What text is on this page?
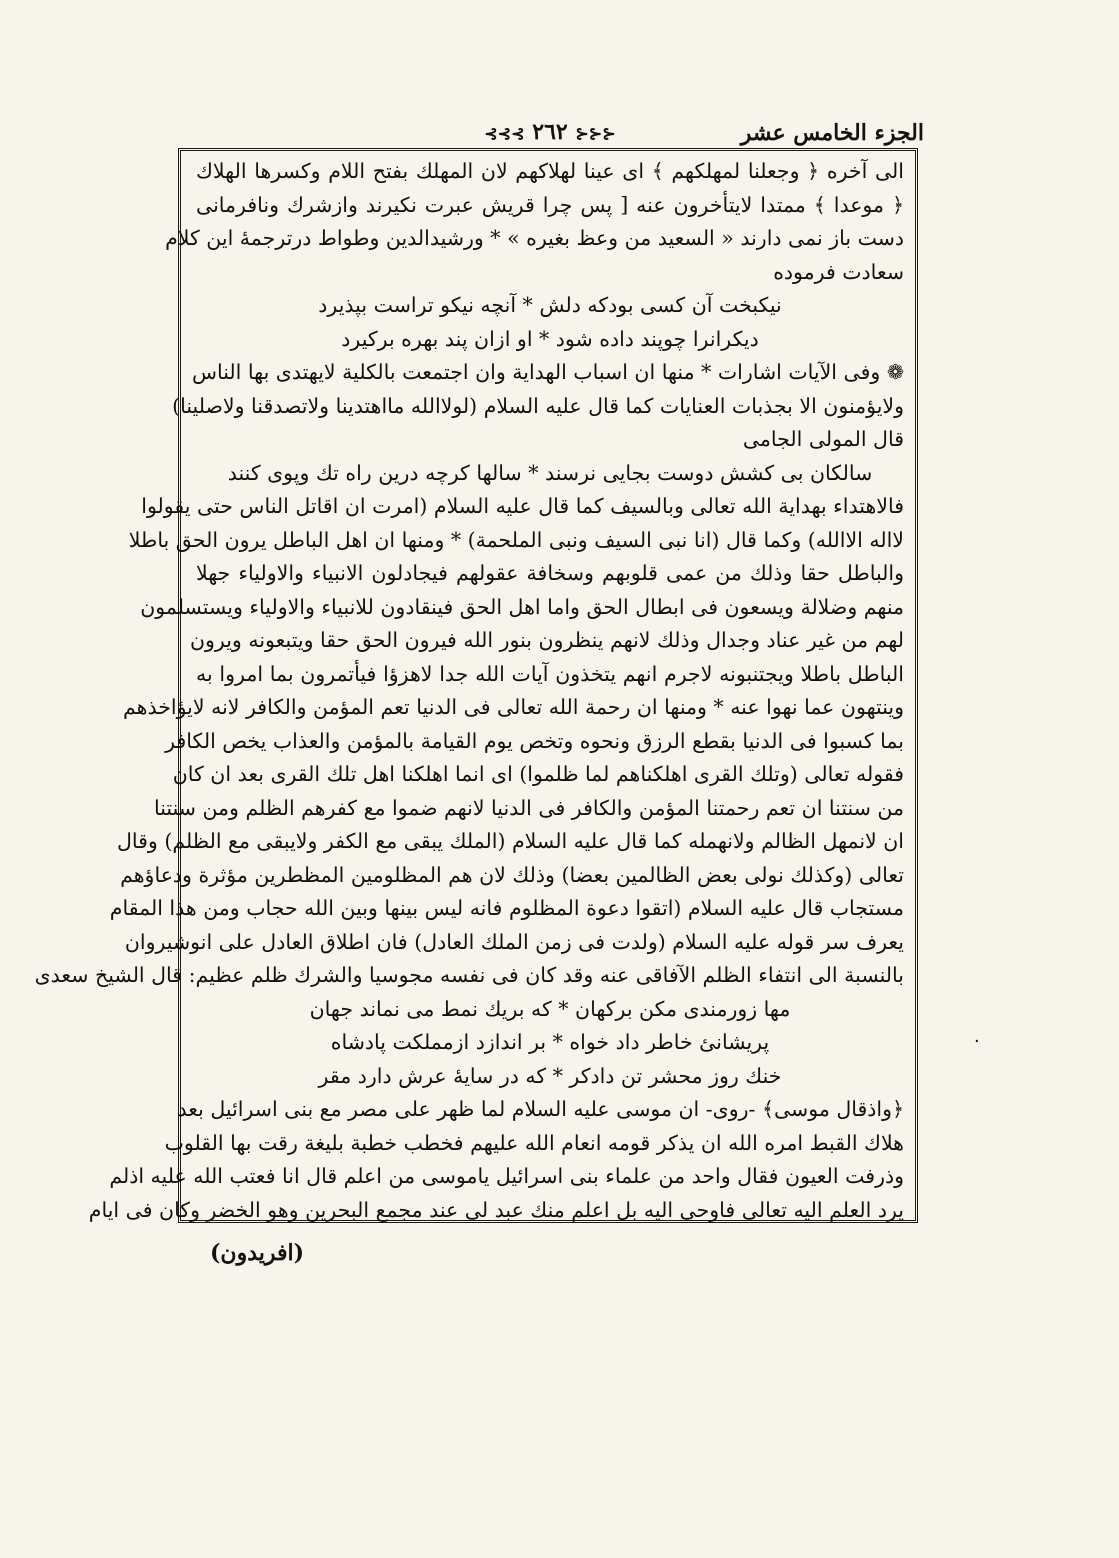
الجزء الخامس عشر
⊰⊰⊰ ٢٦٢ ⊱⊱⊱
الى آخره ﴿ وجعلنا لمهلكهم ﴾ اى عينا لهلاكهم لان المهلك بفتح اللام وكسرها الهلاك
﴿ موعدا ﴾ ممتدا لايتأخرون عنه [ پس چرا قريش عبرت نكيرند وازشرك ونافرمانى
دست باز نمى دارند « السعيد من وعظ بغيره » * ورشيدالدين وطواط درترجمهٔ اين كلام
سعادت فرموده
نيكبخت آن كسى بودكه دلش * آنچه نيكو تراست بپذيرد
ديكرانرا چوپند داده شود * او ازان پند بهره بركيرد
❁ وفى الآيات اشارات * منها ان اسباب الهداية وان اجتمعت بالكلية لايهتدى بها الناس
ولايؤمنون الا بجذبات العنايات كما قال عليه السلام (لولاالله مااهتدينا ولاتصدقنا ولاصلينا)
قال المولى الجامى
سالكان بى كشش دوست بجايى نرسند * سالها كرچه درين راه تك وپوى كنند
فالاهتداء بهداية الله تعالى وبالسيف كما قال عليه السلام (امرت ان اقاتل الناس حتى يقولوا
لااله الاالله) وكما قال (انا نبى السيف ونبى الملحمة) * ومنها ان اهل الباطل يرون الحق باطلا
والباطل حقا وذلك من عمى قلوبهم وسخافة عقولهم فيجادلون الانبياء والاولياء جهلا
منهم وضلالة ويسعون فى ابطال الحق واما اهل الحق فينقادون للانبياء والاولياء ويستسلمون
لهم من غير عناد وجدال وذلك لانهم ينظرون بنور الله فيرون الحق حقا ويتبعونه ويرون
الباطل باطلا ويجتنبونه لاجرم انهم يتخذون آيات الله جدا لاهزؤا فيأتمرون بما امروا به
وينتهون عما نهوا عنه * ومنها ان رحمة الله تعالى فى الدنيا تعم المؤمن والكافر لانه لايؤاخذهم
بما كسبوا فى الدنيا بقطع الرزق ونحوه وتخص يوم القيامة بالمؤمن والعذاب يخص الكافر
فقوله تعالى (وتلك القرى اهلكناهم لما ظلموا) اى انما اهلكنا اهل تلك القرى بعد ان كان
من سنتنا ان تعم رحمتنا المؤمن والكافر فى الدنيا لانهم ضموا مع كفرهم الظلم ومن سنتنا
ان لانمهل الظالم ولانهمله كما قال عليه السلام (الملك يبقى مع الكفر ولايبقى مع الظلم) وقال
تعالى (وكذلك نولى بعض الظالمين بعضا) وذلك لان هم المظلومين المظطرين مؤثرة ودعاؤهم
مستجاب قال عليه السلام (اتقوا دعوة المظلوم فانه ليس بينها وبين الله حجاب ومن هذا المقام
يعرف سر قوله عليه السلام (ولدت فى زمن الملك العادل) فان اطلاق العادل على انوشيروان
بالنسبة الى انتفاء الظلم الآفاقى عنه وقد كان فى نفسه مجوسيا والشرك ظلم عظيم: قال الشيخ سعدى
مها زورمندى مكن بركهان * كه بريك نمط مى نماند جهان
پريشانئ خاطر داد خواه * بر اندازد ازمملكت پادشاه
خنك روز محشر تن دادكر * كه در سايهٔ عرش دارد مقر
﴿واذقال موسى﴾ -روى- ان موسى عليه السلام لما ظهر على مصر مع بنى اسرائيل بعد
هلاك القبط امره الله ان يذكر قومه انعام الله عليهم فخطب خطبة بليغة رقت بها القلوب
وذرفت العيون فقال واحد من علماء بنى اسرائيل ياموسى من اعلم قال انا فعتب الله عليه اذلم
يرد العلم اليه تعالى فاوحى اليه بل اعلم منك عبد لى عند مجمع البحرين وهو الخضر وكان فى ايام
٠
(افريدون)
